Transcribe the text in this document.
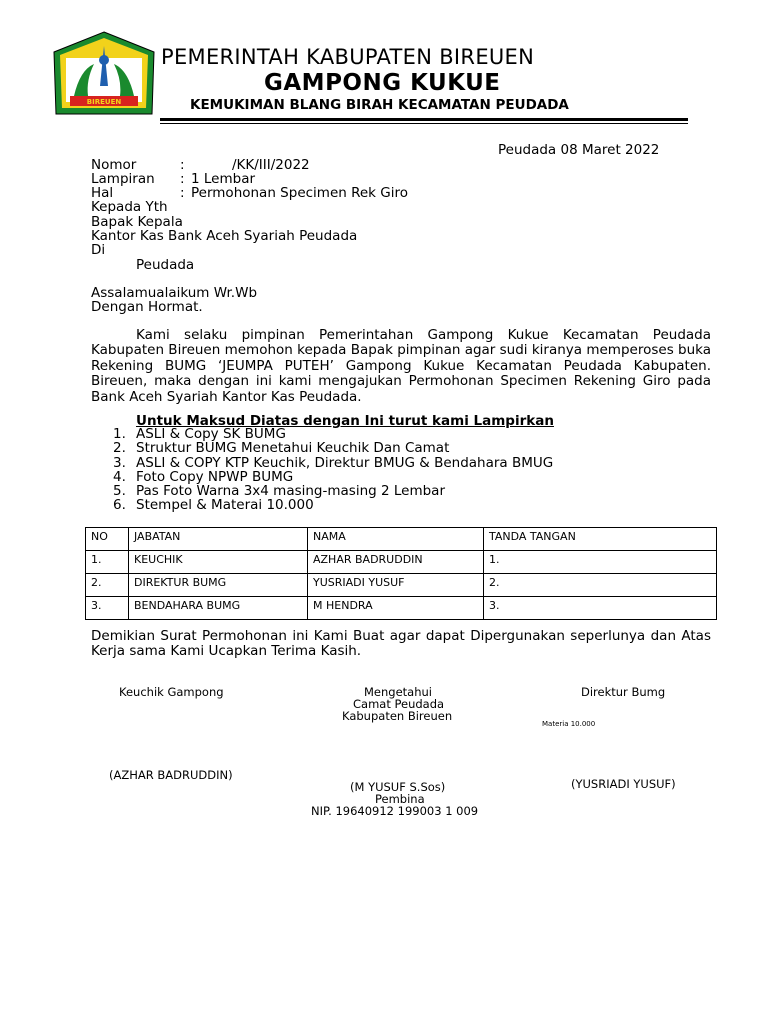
BIREUEN
PEMERINTAH KABUPATEN BIREUEN
GAMPONG KUKUE
KEMUKIMAN BLANG BIRAH KECAMATAN PEUDADA
Peudada 08 Maret 2022
Nomor	:	/KK/III/2022
Lampiran : 1 Lembar
Hal	: Permohonan Specimen Rek Giro
Kepada Yth
Bapak Kepala
Kantor Kas Bank Aceh Syariah Peudada
Di
Peudada
Assalamualaikum Wr.Wb
Dengan Hormat.
Kami selaku pimpinan Pemerintahan Gampong Kukue Kecamatan Peudada Kabupaten Bireuen memohon kepada Bapak pimpinan agar sudi kiranya memperoses buka Rekening BUMG ‘JEUMPA PUTEH’ Gampong Kukue Kecamatan Peudada Kabupaten. Bireuen, maka dengan ini kami mengajukan Permohonan Specimen Rekening Giro pada Bank Aceh Syariah Kantor Kas Peudada.
Untuk Maksud Diatas dengan Ini turut kami Lampirkan
1. ASLI & Copy SK BUMG
2. Struktur BUMG Menetahui Keuchik Dan Camat
3. ASLI & COPY KTP Keuchik, Direktur BMUG & Bendahara BMUG
4. Foto Copy NPWP BUMG
5. Pas Foto Warna 3x4 masing-masing 2 Lembar
6. Stempel & Materai 10.000
NO	JABATAN	NAMA	TANDA TANGAN
1.	KEUCHIK	AZHAR BADRUDDIN	1.
2.	DIREKTUR BUMG	YUSRIADI YUSUF	2.
3.	BENDAHARA BUMG	M HENDRA	3.
Demikian Surat Permohonan ini Kami Buat agar dapat Dipergunakan seperlunya dan Atas Kerja sama Kami Ucapkan Terima Kasih.
Keuchik Gampong
(AZHAR BADRUDDIN)
Mengetahui
Camat Peudada
Kabupaten Bireuen
(M YUSUF S.Sos)
Pembina
NIP. 19640912 199003 1 009
Direktur Bumg
Materia 10.000
(YUSRIADI YUSUF)
